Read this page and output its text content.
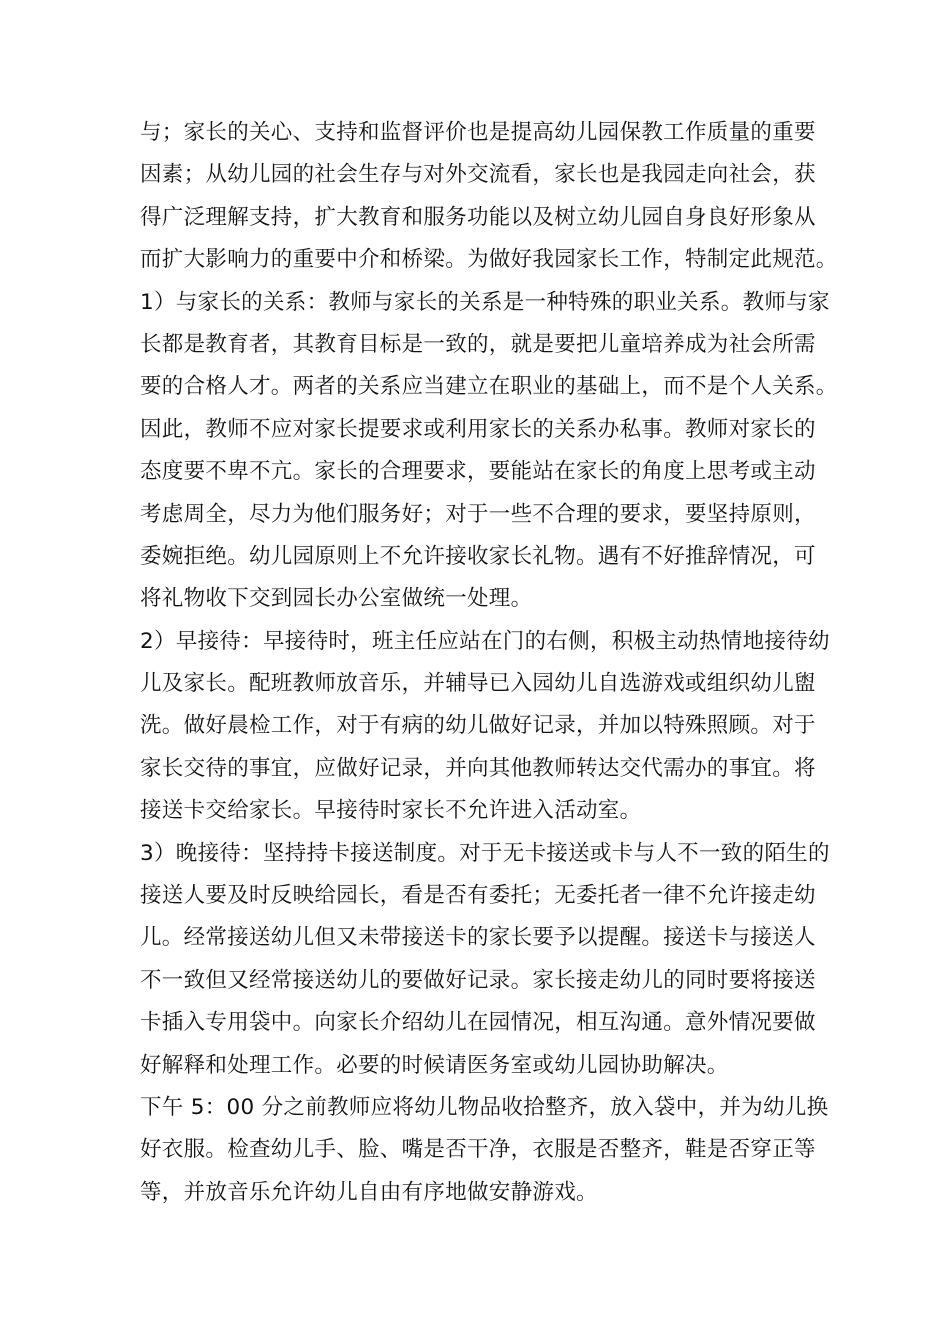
与；家长的关心、支持和监督评价也是提高幼儿园保教工作质量的重要
因素；从幼儿园的社会生存与对外交流看，家长也是我园走向社会，获
得广泛理解支持，扩大教育和服务功能以及树立幼儿园自身良好形象从
而扩大影响力的重要中介和桥梁。为做好我园家长工作，特制定此规范。
1）与家长的关系：教师与家长的关系是一种特殊的职业关系。教师与家
长都是教育者，其教育目标是一致的，就是要把儿童培养成为社会所需
要的合格人才。两者的关系应当建立在职业的基础上，而不是个人关系。
因此，教师不应对家长提要求或利用家长的关系办私事。教师对家长的
态度要不卑不亢。家长的合理要求，要能站在家长的角度上思考或主动
考虑周全，尽力为他们服务好；对于一些不合理的要求，要坚持原则，
委婉拒绝。幼儿园原则上不允许接收家长礼物。遇有不好推辞情况，可
将礼物收下交到园长办公室做统一处理。
2）早接待：早接待时，班主任应站在门的右侧，积极主动热情地接待幼
儿及家长。配班教师放音乐，并辅导已入园幼儿自选游戏或组织幼儿盥
洗。做好晨检工作，对于有病的幼儿做好记录，并加以特殊照顾。对于
家长交待的事宜，应做好记录，并向其他教师转达交代需办的事宜。将
接送卡交给家长。早接待时家长不允许进入活动室。
3）晚接待：坚持持卡接送制度。对于无卡接送或卡与人不一致的陌生的
接送人要及时反映给园长，看是否有委托；无委托者一律不允许接走幼
儿。经常接送幼儿但又未带接送卡的家长要予以提醒。接送卡与接送人
不一致但又经常接送幼儿的要做好记录。家长接走幼儿的同时要将接送
卡插入专用袋中。向家长介绍幼儿在园情况，相互沟通。意外情况要做
好解释和处理工作。必要的时候请医务室或幼儿园协助解决。
下午 5：00 分之前教师应将幼儿物品收拾整齐，放入袋中，并为幼儿换
好衣服。检查幼儿手、脸、嘴是否干净，衣服是否整齐，鞋是否穿正等
等，并放音乐允许幼儿自由有序地做安静游戏。
